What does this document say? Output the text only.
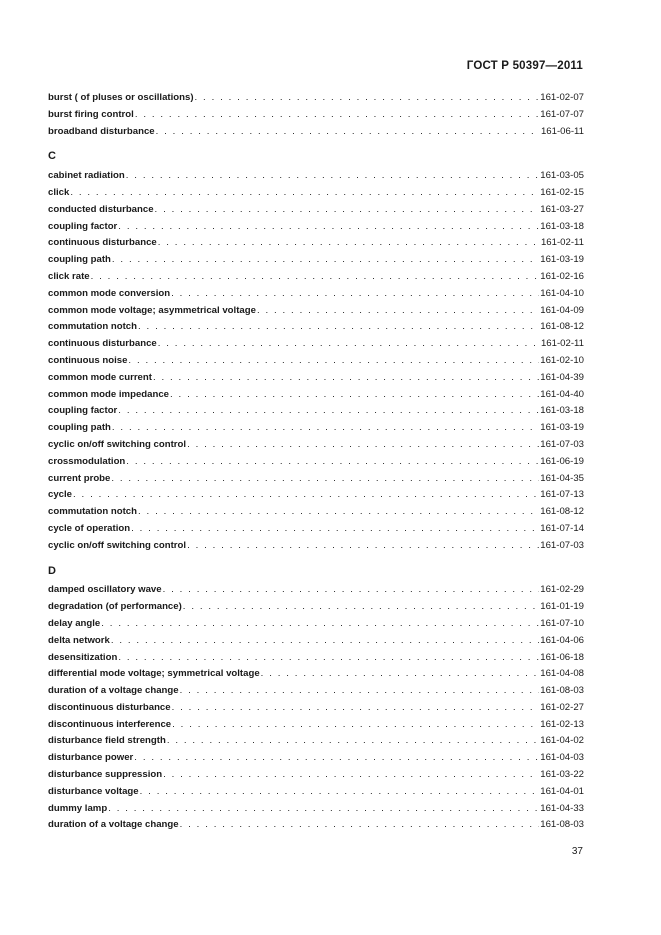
ГОСТ Р 50397—2011
burst ( of pluses or oscillations) . . .	161-02-07
burst firing control . . .	161-07-07
broadband disturbance . . .	161-06-11
C
cabinet radiation . . .	161-03-05
click . . .	161-02-15
conducted disturbance . . .	161-03-27
coupling factor . . .	161-03-18
continuous disturbance . . .	161-02-11
coupling path . . .	161-03-19
click rate . . .	161-02-16
common mode conversion . . .	161-04-10
common mode voltage; asymmetrical voltage . . .	161-04-09
commutation notch . . .	161-08-12
continuous disturbance . . .	161-02-11
continuous noise . . .	161-02-10
common mode current . . .	161-04-39
common mode impedance . . .	161-04-40
coupling factor . . .	161-03-18
coupling path . . .	161-03-19
cyclic on/off switching control . . .	161-07-03
crossmodulation . . .	161-06-19
current probe . . .	161-04-35
cycle . . .	161-07-13
commutation notch . . .	161-08-12
cycle of operation . . .	161-07-14
cyclic on/off switching control . . .	161-07-03
D
damped oscillatory wave . . .	161-02-29
degradation (of performance) . . .	161-01-19
delay angle . . .	161-07-10
delta network . . .	161-04-06
desensitization . . .	161-06-18
differential mode voltage; symmetrical voltage . . .	161-04-08
duration of a voltage change . . .	161-08-03
discontinuous disturbance . . .	161-02-27
discontinuous interference . . .	161-02-13
disturbance field strength . . .	161-04-02
disturbance power . . .	161-04-03
disturbance suppression . . .	161-03-22
disturbance voltage . . .	161-04-01
dummy lamp . . .	161-04-33
duration of a voltage change . . .	161-08-03
37
